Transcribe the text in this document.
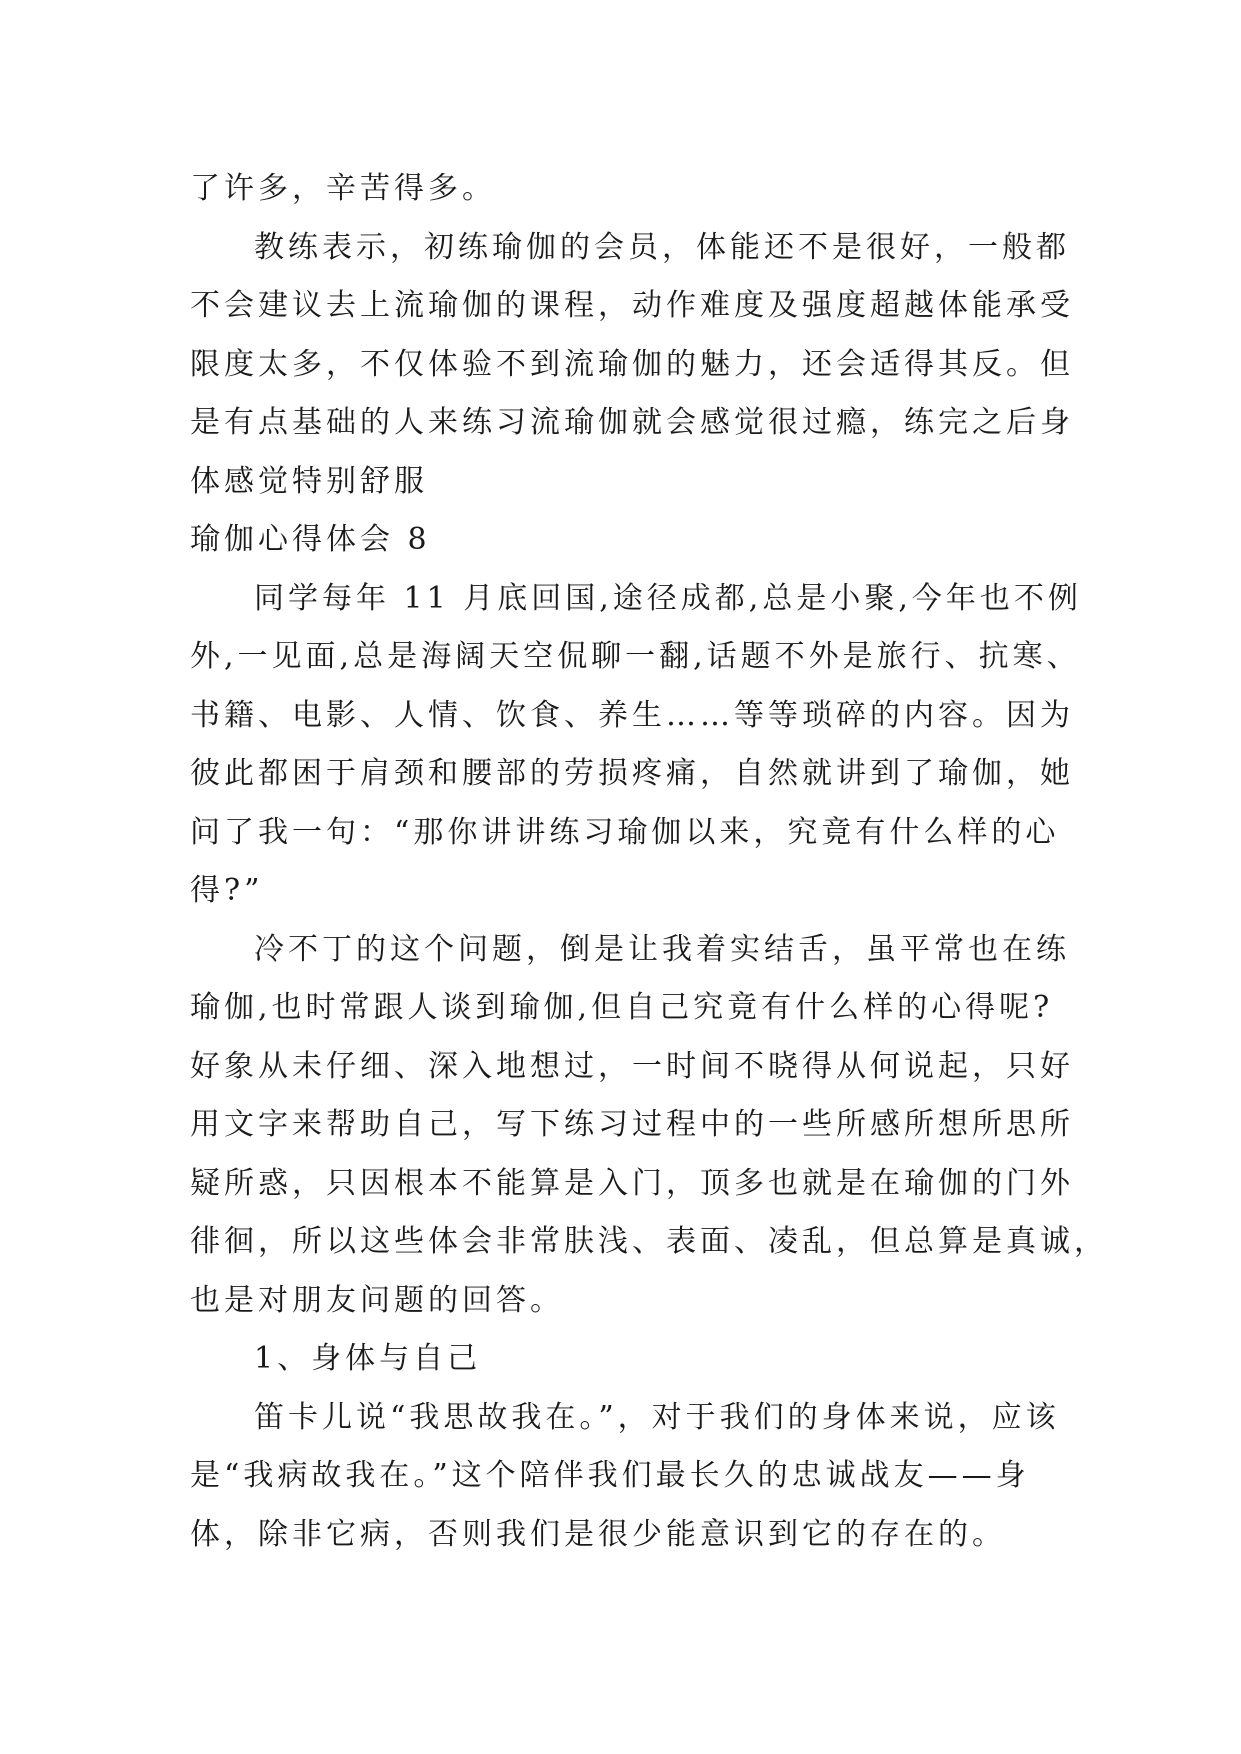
了许多，辛苦得多。
教练表示，初练瑜伽的会员，体能还不是很好，一般都
不会建议去上流瑜伽的课程，动作难度及强度超越体能承受
限度太多，不仅体验不到流瑜伽的魅力，还会适得其反。但
是有点基础的人来练习流瑜伽就会感觉很过瘾，练完之后身
体感觉特别舒服
瑜伽心得体会 8
同学每年 11 月底回国,途径成都,总是小聚,今年也不例
外,一见面,总是海阔天空侃聊一翻,话题不外是旅行、抗寒、
书籍、电影、人情、饮食、养生……等等琐碎的内容。因为
彼此都困于肩颈和腰部的劳损疼痛，自然就讲到了瑜伽，她
问了我一句：“那你讲讲练习瑜伽以来，究竟有什么样的心
得?”
冷不丁的这个问题，倒是让我着实结舌，虽平常也在练
瑜伽,也时常跟人谈到瑜伽,但自己究竟有什么样的心得呢?
好象从未仔细、深入地想过，一时间不晓得从何说起，只好
用文字来帮助自己，写下练习过程中的一些所感所想所思所
疑所惑，只因根本不能算是入门，顶多也就是在瑜伽的门外
徘徊，所以这些体会非常肤浅、表面、凌乱，但总算是真诚，
也是对朋友问题的回答。
1、身体与自己
笛卡儿说“我思故我在。”，对于我们的身体来说，应该
是“我病故我在。”这个陪伴我们最长久的忠诚战友——身
体，除非它病，否则我们是很少能意识到它的存在的。
